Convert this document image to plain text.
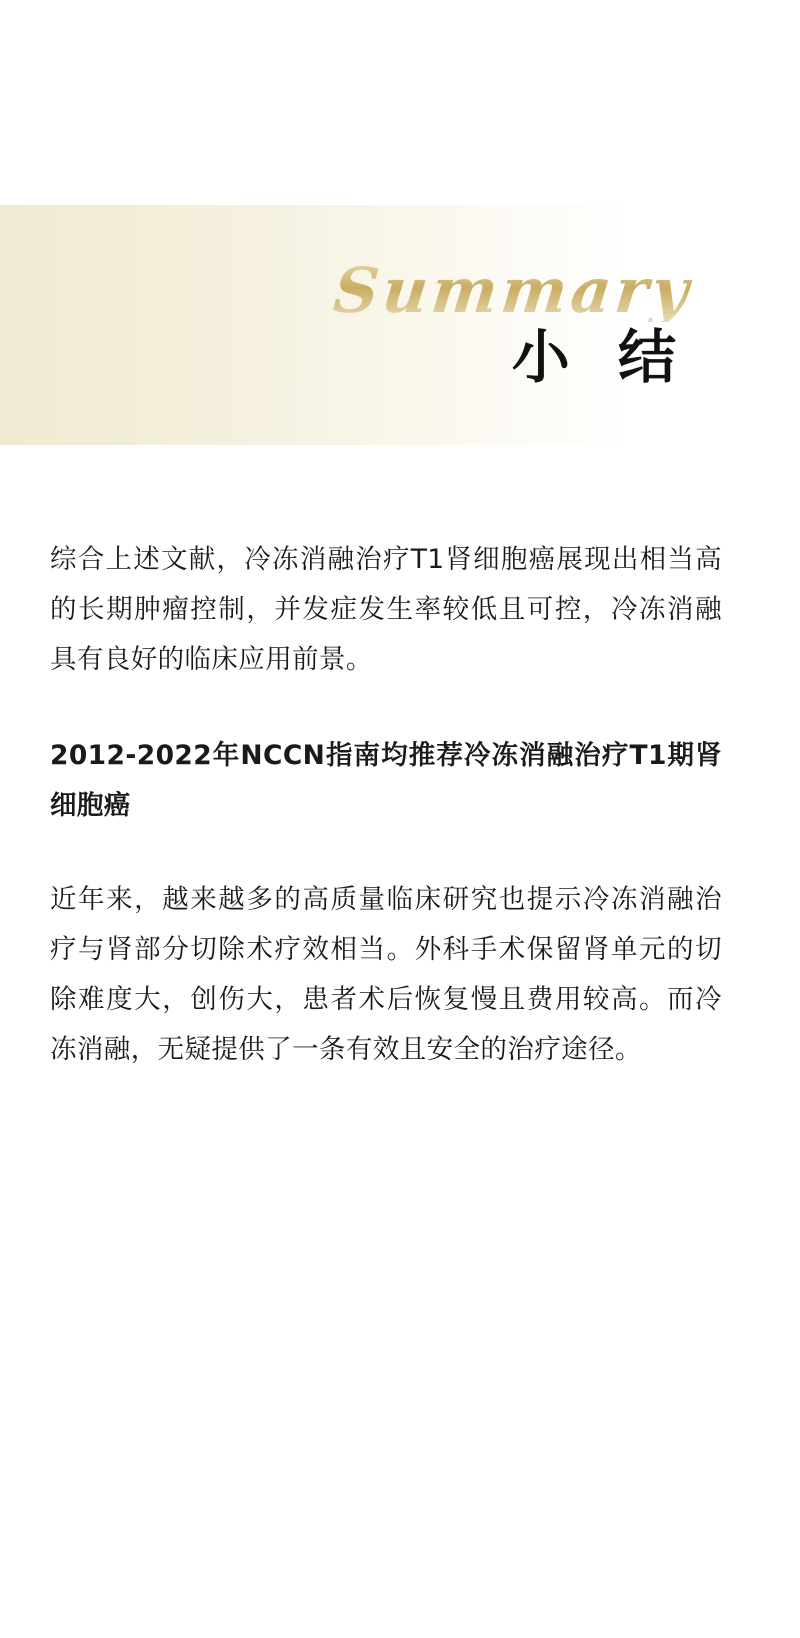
Summary
小 结

综合上述文献，冷冻消融治疗T1肾细胞癌展现出相当高的长期肿瘤控制，并发症发生率较低且可控，冷冻消融具有良好的临床应用前景。

2012-2022年NCCN指南均推荐冷冻消融治疗T1期肾细胞癌

近年来，越来越多的高质量临床研究也提示冷冻消融治疗与肾部分切除术疗效相当。外科手术保留肾单元的切除难度大，创伤大，患者术后恢复慢且费用较高。而冷冻消融，无疑提供了一条有效且安全的治疗途径。
